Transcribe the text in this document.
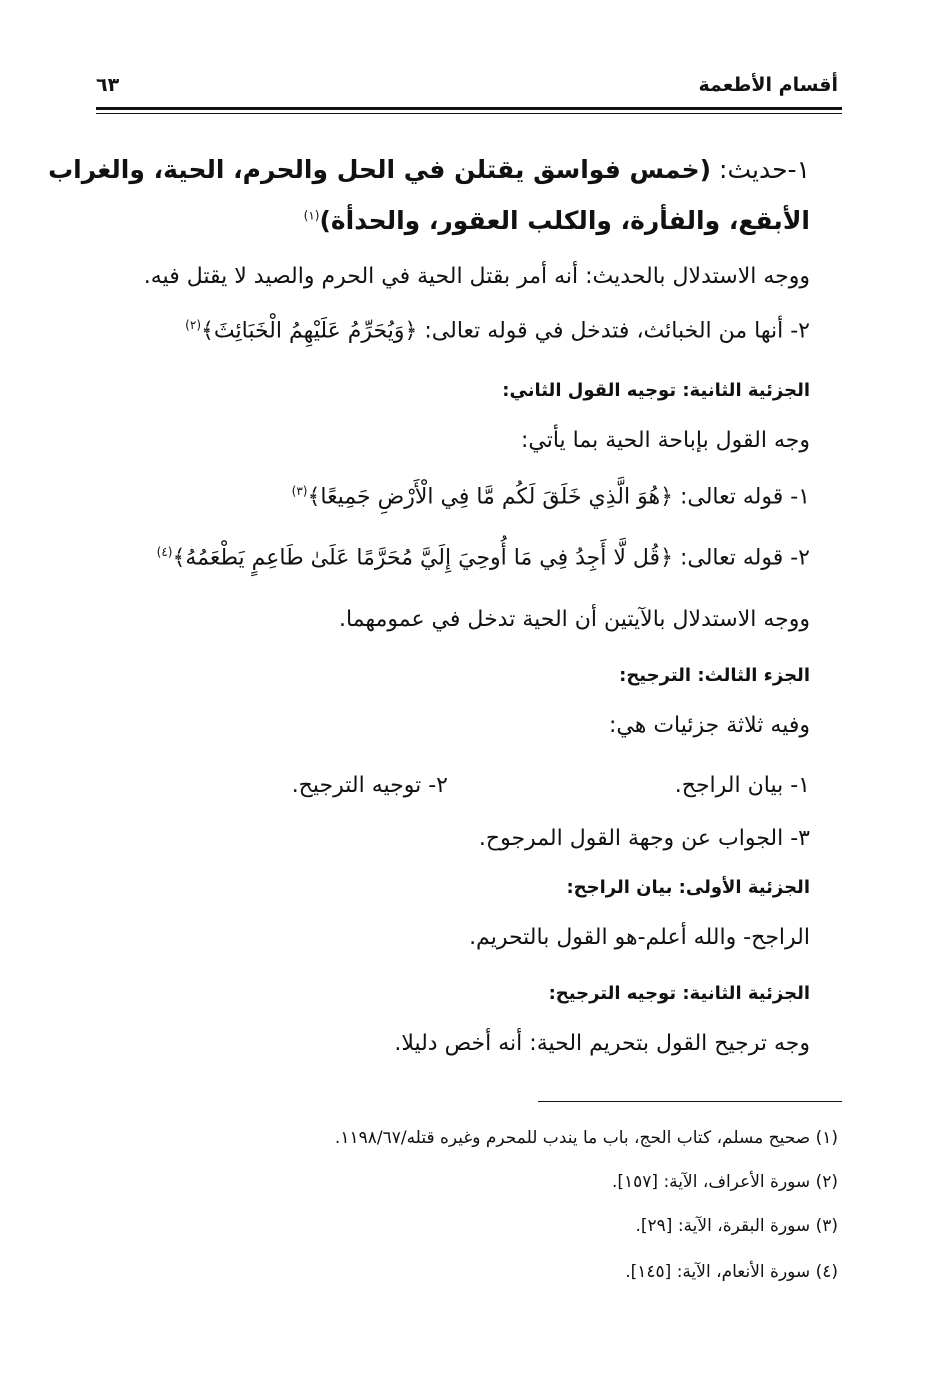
أقسام الأطعمة
٦٣
١-حديث: (خمس فواسق يقتلن في الحل والحرم، الحية، والغراب
الأبقع، والفأرة، والكلب العقور، والحدأة)$^{(١)}$
ووجه الاستدلال بالحديث: أنه أمر بقتل الحية في الحرم والصيد لا يقتل فيه.
٢- أنها من الخبائث، فتدخل في قوله تعالى: ﴿وَيُحَرِّمُ عَلَيْهِمُ الْخَبَائِثَ﴾$^{(٢)}$
الجزئية الثانية: توجيه القول الثاني:
وجه القول بإباحة الحية بما يأتي:
١- قوله تعالى: ﴿هُوَ الَّذِي خَلَقَ لَكُم مَّا فِي الْأَرْضِ جَمِيعًا﴾$^{(٣)}$
٢- قوله تعالى: ﴿قُل لَّا أَجِدُ فِي مَا أُوحِيَ إِلَيَّ مُحَرَّمًا عَلَىٰ طَاعِمٍ يَطْعَمُهُ﴾$^{(٤)}$
ووجه الاستدلال بالآيتين أن الحية تدخل في عمومهما.
الجزء الثالث: الترجيح:
وفيه ثلاثة جزئيات هي:
١- بيان الراجح.
٢- توجيه الترجيح.
٣- الجواب عن وجهة القول المرجوح.
الجزئية الأولى: بيان الراجح:
الراجح- والله أعلم-هو القول بالتحريم.
الجزئية الثانية: توجيه الترجيح:
وجه ترجيح القول بتحريم الحية: أنه أخص دليلا.
(١) صحيح مسلم، كتاب الحج، باب ما يندب للمحرم وغيره قتله/١١٩٨/٦٧.
(٢) سورة الأعراف، الآية: [١٥٧].
(٣) سورة البقرة، الآية: [٢٩].
(٤) سورة الأنعام، الآية: [١٤٥].
